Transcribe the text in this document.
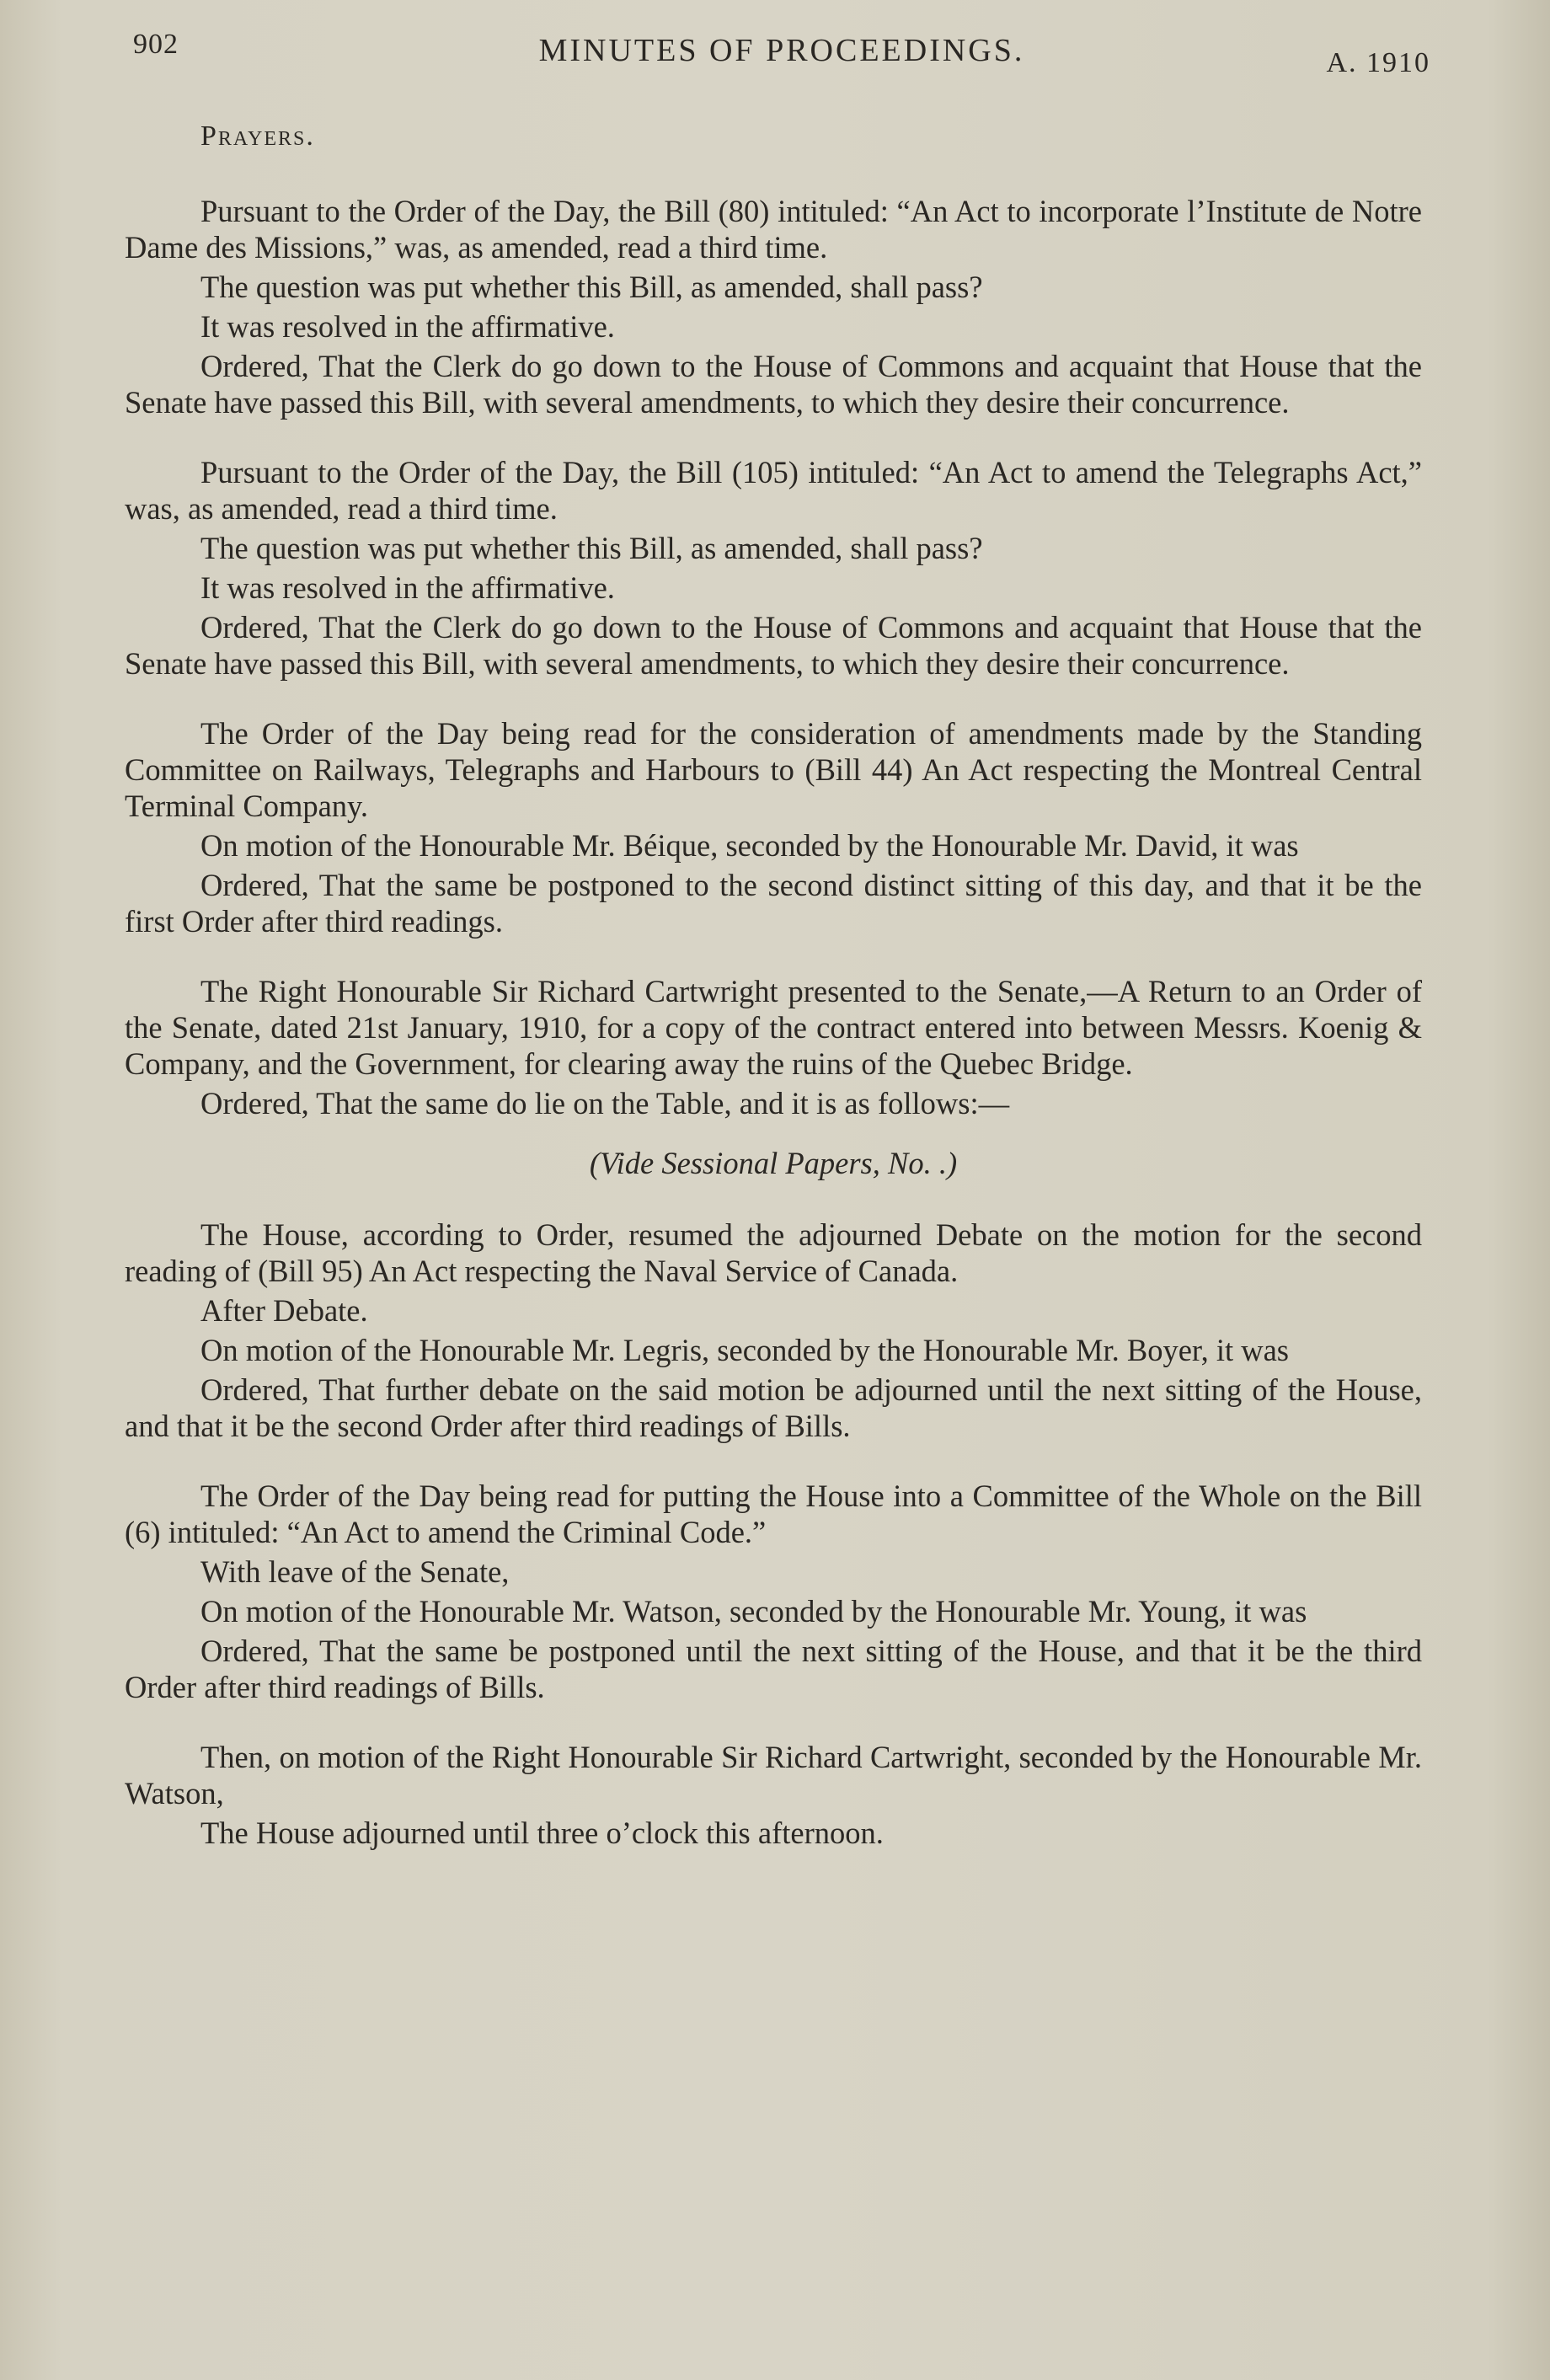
902	MINUTES OF PROCEEDINGS.	A. 1910
Prayers.

Pursuant to the Order of the Day, the Bill (80) intituled: “An Act to incorporate l’Institute de Notre Dame des Missions,” was, as amended, read a third time.

The question was put whether this Bill, as amended, shall pass?

It was resolved in the affirmative.

Ordered, That the Clerk do go down to the House of Commons and acquaint that House that the Senate have passed this Bill, with several amendments, to which they desire their concurrence.

Pursuant to the Order of the Day, the Bill (105) intituled: “An Act to amend the Telegraphs Act,” was, as amended, read a third time.

The question was put whether this Bill, as amended, shall pass?

It was resolved in the affirmative.

Ordered, That the Clerk do go down to the House of Commons and acquaint that House that the Senate have passed this Bill, with several amendments, to which they desire their concurrence.

The Order of the Day being read for the consideration of amendments made by the Standing Committee on Railways, Telegraphs and Harbours to (Bill 44) An Act respecting the Montreal Central Terminal Company.

On motion of the Honourable Mr. Béique, seconded by the Honourable Mr. David, it was

Ordered, That the same be postponed to the second distinct sitting of this day, and that it be the first Order after third readings.

The Right Honourable Sir Richard Cartwright presented to the Senate,—A Return to an Order of the Senate, dated 21st January, 1910, for a copy of the contract entered into between Messrs. Koenig & Company, and the Government, for clearing away the ruins of the Quebec Bridge.

Ordered, That the same do lie on the Table, and it is as follows:—

(Vide Sessional Papers, No. .)

The House, according to Order, resumed the adjourned Debate on the motion for the second reading of (Bill 95) An Act respecting the Naval Service of Canada.

After Debate.

On motion of the Honourable Mr. Legris, seconded by the Honourable Mr. Boyer, it was

Ordered, That further debate on the said motion be adjourned until the next sitting of the House, and that it be the second Order after third readings of Bills.

The Order of the Day being read for putting the House into a Committee of the Whole on the Bill (6) intituled: “An Act to amend the Criminal Code.”

With leave of the Senate,

On motion of the Honourable Mr. Watson, seconded by the Honourable Mr. Young, it was

Ordered, That the same be postponed until the next sitting of the House, and that it be the third Order after third readings of Bills.

Then, on motion of the Right Honourable Sir Richard Cartwright, seconded by the Honourable Mr. Watson,

The House adjourned until three o’clock this afternoon.
